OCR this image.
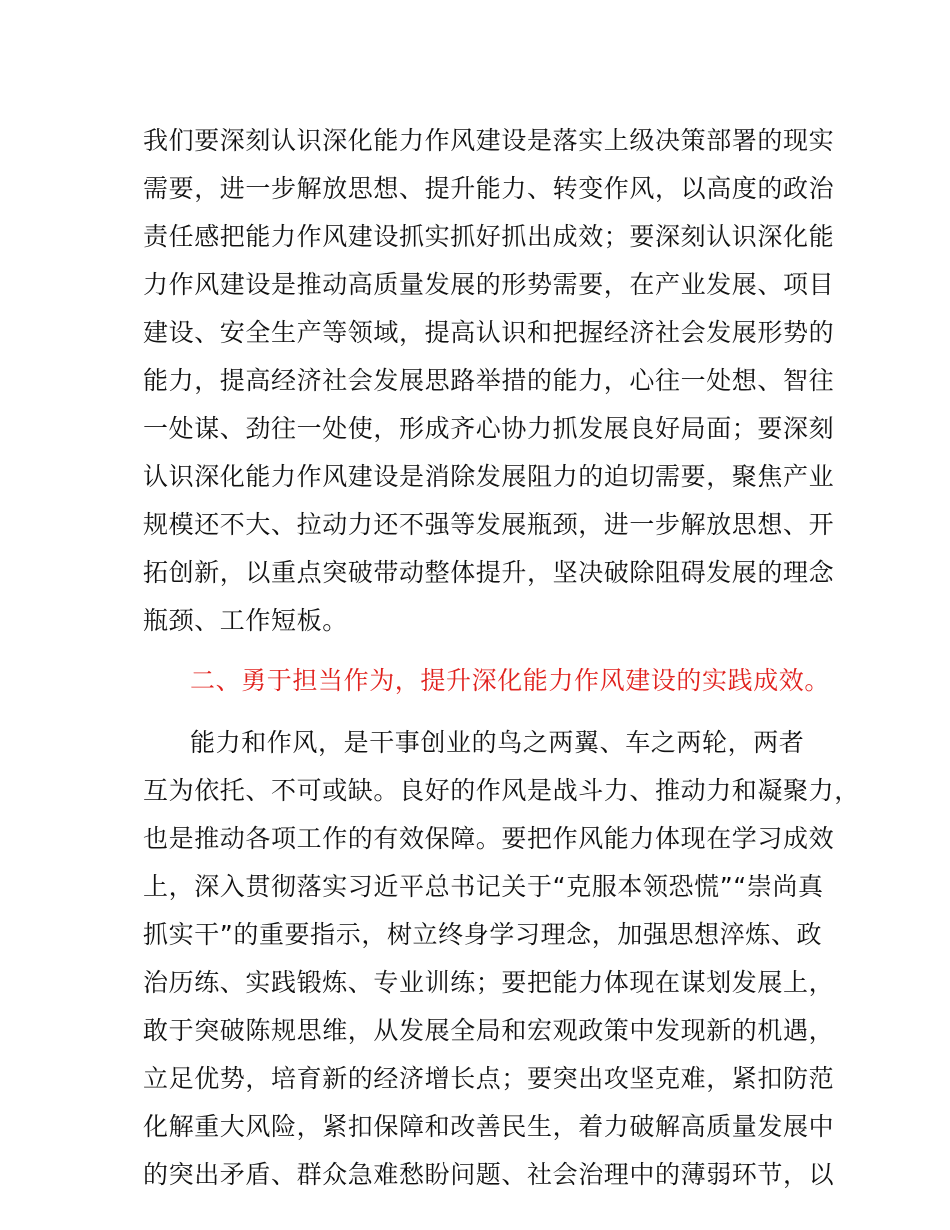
我们要深刻认识深化能力作风建设是落实上级决策部署的现实
需要，进一步解放思想、提升能力、转变作风，以高度的政治
责任感把能力作风建设抓实抓好抓出成效；要深刻认识深化能
力作风建设是推动高质量发展的形势需要，在产业发展、项目
建设、安全生产等领域，提高认识和把握经济社会发展形势的
能力，提高经济社会发展思路举措的能力，心往一处想、智往
一处谋、劲往一处使，形成齐心协力抓发展良好局面；要深刻
认识深化能力作风建设是消除发展阻力的迫切需要，聚焦产业
规模还不大、拉动力还不强等发展瓶颈，进一步解放思想、开
拓创新，以重点突破带动整体提升，坚决破除阻碍发展的理念
瓶颈、工作短板。
二、勇于担当作为，提升深化能力作风建设的实践成效。
能力和作风，是干事创业的鸟之两翼、车之两轮，两者
互为依托、不可或缺。良好的作风是战斗力、推动力和凝聚力，
也是推动各项工作的有效保障。要把作风能力体现在学习成效
上，深入贯彻落实习近平总书记关于“克服本领恐慌”“崇尚真
抓实干”的重要指示，树立终身学习理念，加强思想淬炼、政
治历练、实践锻炼、专业训练；要把能力体现在谋划发展上，
敢于突破陈规思维，从发展全局和宏观政策中发现新的机遇，
立足优势，培育新的经济增长点；要突出攻坚克难，紧扣防范
化解重大风险，紧扣保障和改善民生，着力破解高质量发展中
的突出矛盾、群众急难愁盼问题、社会治理中的薄弱环节，以
